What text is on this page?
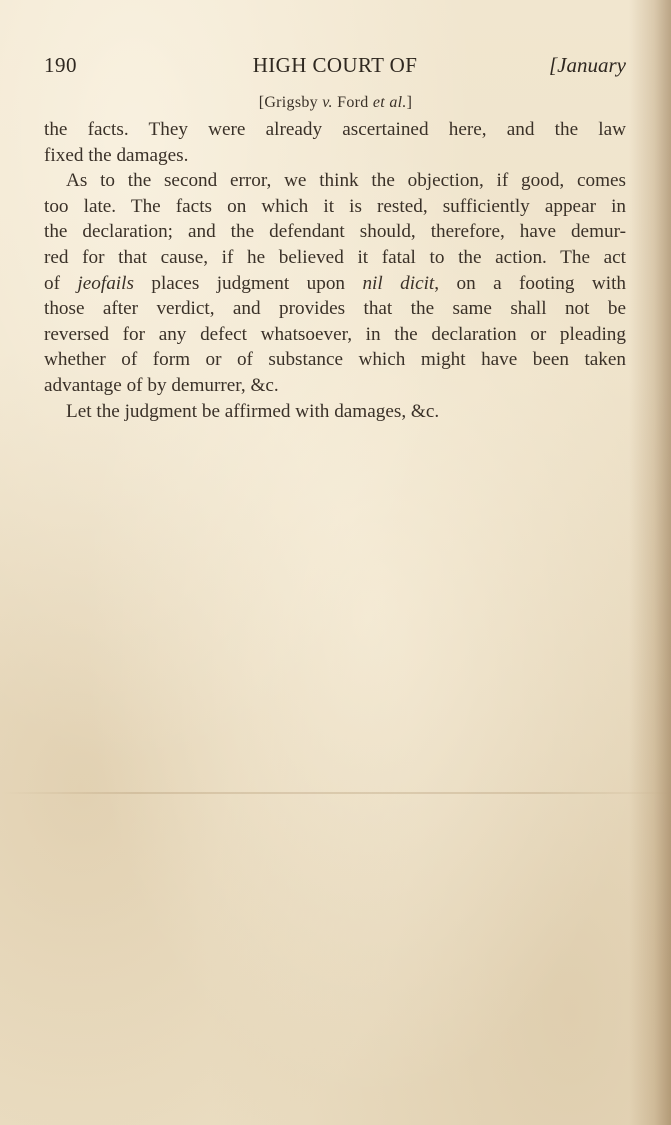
190	HIGH COURT OF	[January
[Grigsby v. Ford et al.]
the facts. They were already ascertained here, and the law
fixed the damages.
As to the second error, we think the objection, if good, comes
too late. The facts on which it is rested, sufficiently appear in
the declaration; and the defendant should, therefore, have demur-
red for that cause, if he believed it fatal to the action. The act
of jeofails places judgment upon nil dicit, on a footing with
those after verdict, and provides that the same shall not be
reversed for any defect whatsoever, in the declaration or pleading
whether of form or of substance which might have been taken
advantage of by demurrer, &c.
Let the judgment be affirmed with damages, &c.
